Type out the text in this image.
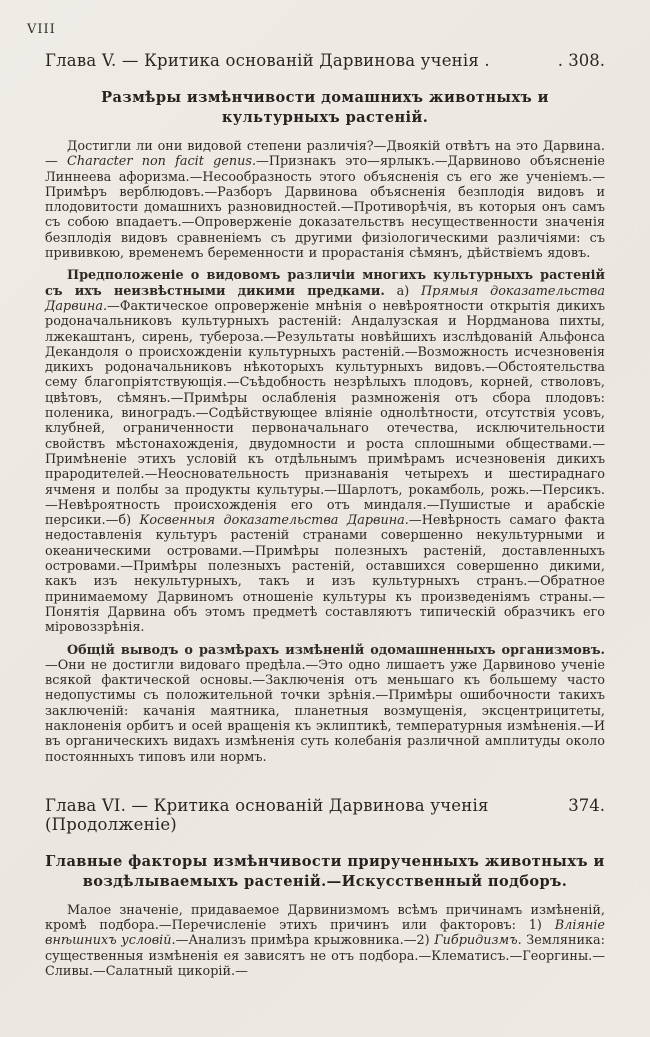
VIII
Глава V. — Критика основаній Дарвинова ученія .	. 308.
Размѣры измѣнчивости домашнихъ животныхъ и культурныхъ растеній.

Достигли ли они видовой степени различія?—Двоякій отвѣтъ на это Дарвина. — Character non facit genus.—Признакъ это—ярлыкъ.—Дарвиново объясненіе Линнеева афоризма.—Несообразность этого объясненія съ его же ученіемъ.—Примѣръ верблюдовъ.—Разборъ Дарвинова объясненія безплодія видовъ и плодовитости домашнихъ разновидностей.—Противорѣчія, въ которыя онъ самъ съ собою впадаетъ.—Опроверженіе доказательствъ несущественности значенія безплодія видовъ сравненіемъ съ другими физіологическими различіями: съ прививкою, временемъ беременности и прорастанія сѣмянъ, дѣйствіемъ ядовъ.

Предположеніе о видовомъ различіи многихъ культурныхъ растеній съ ихъ неизвѣстными дикими предками. а) Прямыя доказательства Дарвина.—Фактическое опроверженіе мнѣнія о невѣроятности открытія дикихъ родоначальниковъ культурныхъ растеній: Андалузская и Нордманова пихты, лжекаштанъ, сирень, тубероза.—Результаты новѣйшихъ изслѣдованій Альфонса Декандоля о происхожденіи культурныхъ растеній.—Возможность исчезновенія дикихъ родоначальниковъ нѣкоторыхъ культурныхъ видовъ.—Обстоятельства сему благопріятствующія.—Съѣдобность незрѣлыхъ плодовъ, корней, стволовъ, цвѣтовъ, сѣмянъ.—Примѣры ослабленія размноженія отъ сбора плодовъ: поленика, виноградъ.—Содѣйствующее вліяніе однолѣтности, отсутствія усовъ, клубней, ограниченности первоначальнаго отечества, исключительности свойствъ мѣстонахожденія, двудомности и роста сплошными обществами.—Примѣненіе этихъ условій къ отдѣльнымъ примѣрамъ исчезновенія дикихъ прародителей.—Неосновательность признаванія четырехъ и шестираднаго ячменя и полбы за продукты культуры.—Шарлотъ, рокамболь, рожь.—Персикъ.—Невѣроятность происхожденія его отъ миндаля.—Пушистые и арабскіе персики.—б) Косвенныя доказательства Дарвина.—Невѣрность самаго факта недоставленія культуръ растеній странами совершенно некультурными и океаническими островами.—Примѣры полезныхъ растеній, доставленныхъ островами.—Примѣры полезныхъ растеній, оставшихся совершенно дикими, какъ изъ некультурныхъ, такъ и изъ культурныхъ странъ.—Обратное принимаемому Дарвиномъ отношеніе культуры къ произведеніямъ страны.—Понятія Дарвина объ этомъ предметѣ составляютъ типическій образчикъ его міровоззрѣнія.

Общій выводъ о размѣрахъ измѣненій одомашненныхъ организмовъ.—Они не достигли видоваго предѣла.—Это одно лишаетъ уже Дарвиново ученіе всякой фактической основы.—Заключенія отъ меньшаго къ большему часто недопустимы съ положительной точки зрѣнія.—Примѣры ошибочности такихъ заключеній: качанія маятника, планетныя возмущенія, эксцентрицитеты, наклоненія орбитъ и осей вращенія къ эклиптикѣ, температурныя измѣненія.—И въ органическихъ видахъ измѣненія суть колебанія различной амплитуды около постоянныхъ типовъ или нормъ.

Глава VI. — Критика основаній Дарвинова ученія (Продолженіе)
374.
Главные факторы измѣнчивости прирученныхъ животныхъ и воздѣлываемыхъ растеній.—Искусственный подборъ.

Малое значеніе, придаваемое Дарвинизмомъ всѣмъ причинамъ измѣненій, кромѣ подбора.—Перечисленіе этихъ причинъ или факторовъ: 1) Вліяніе внѣшнихъ условій.—Анализъ примѣра крыжовника.—2) Гибридизмъ. Земляника: существенныя измѣненія ея зависятъ не отъ подбора.—Клематисъ.—Георгины.—Сливы.—Салатный цикорій.—
